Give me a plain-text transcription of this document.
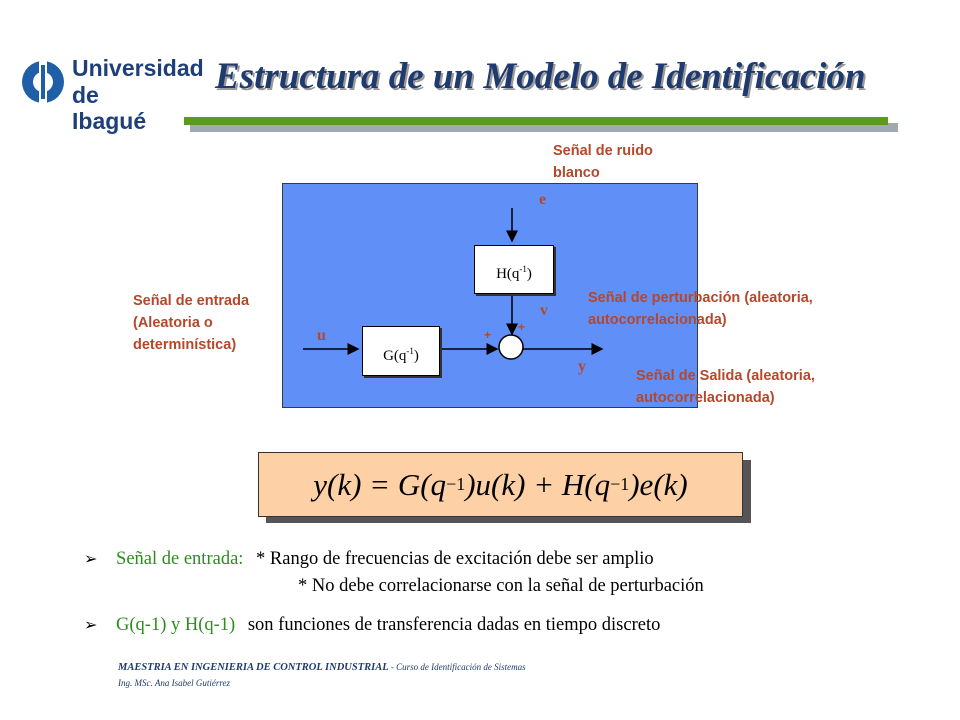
Universidad
de Ibagué
Estructura de un Modelo de Identificación
Señal de ruido
blanco
Señal de entrada
(Aleatoria o
determinística)
$H(q^{-1})$
$G(q^{-1})$
e
u
v
y
+
+
Señal de perturbación (aleatoria,
autocorrelacionada)
Señal de Salida (aleatoria,
autocorrelacionada)
y(k) = G(q −1 )u(k) + H(q −1 )e(k)
➢ Señal de entrada: * Rango de frecuencias de excitación debe ser amplio
* No debe correlacionarse con la señal de perturbación
➢ G(q-1) y H(q-1) son funciones de transferencia dadas en tiempo discreto
MAESTRIA EN INGENIERIA DE CONTROL INDUSTRIAL - Curso de Identificación de Sistemas
Ing. MSc. Ana Isabel Gutiérrez
